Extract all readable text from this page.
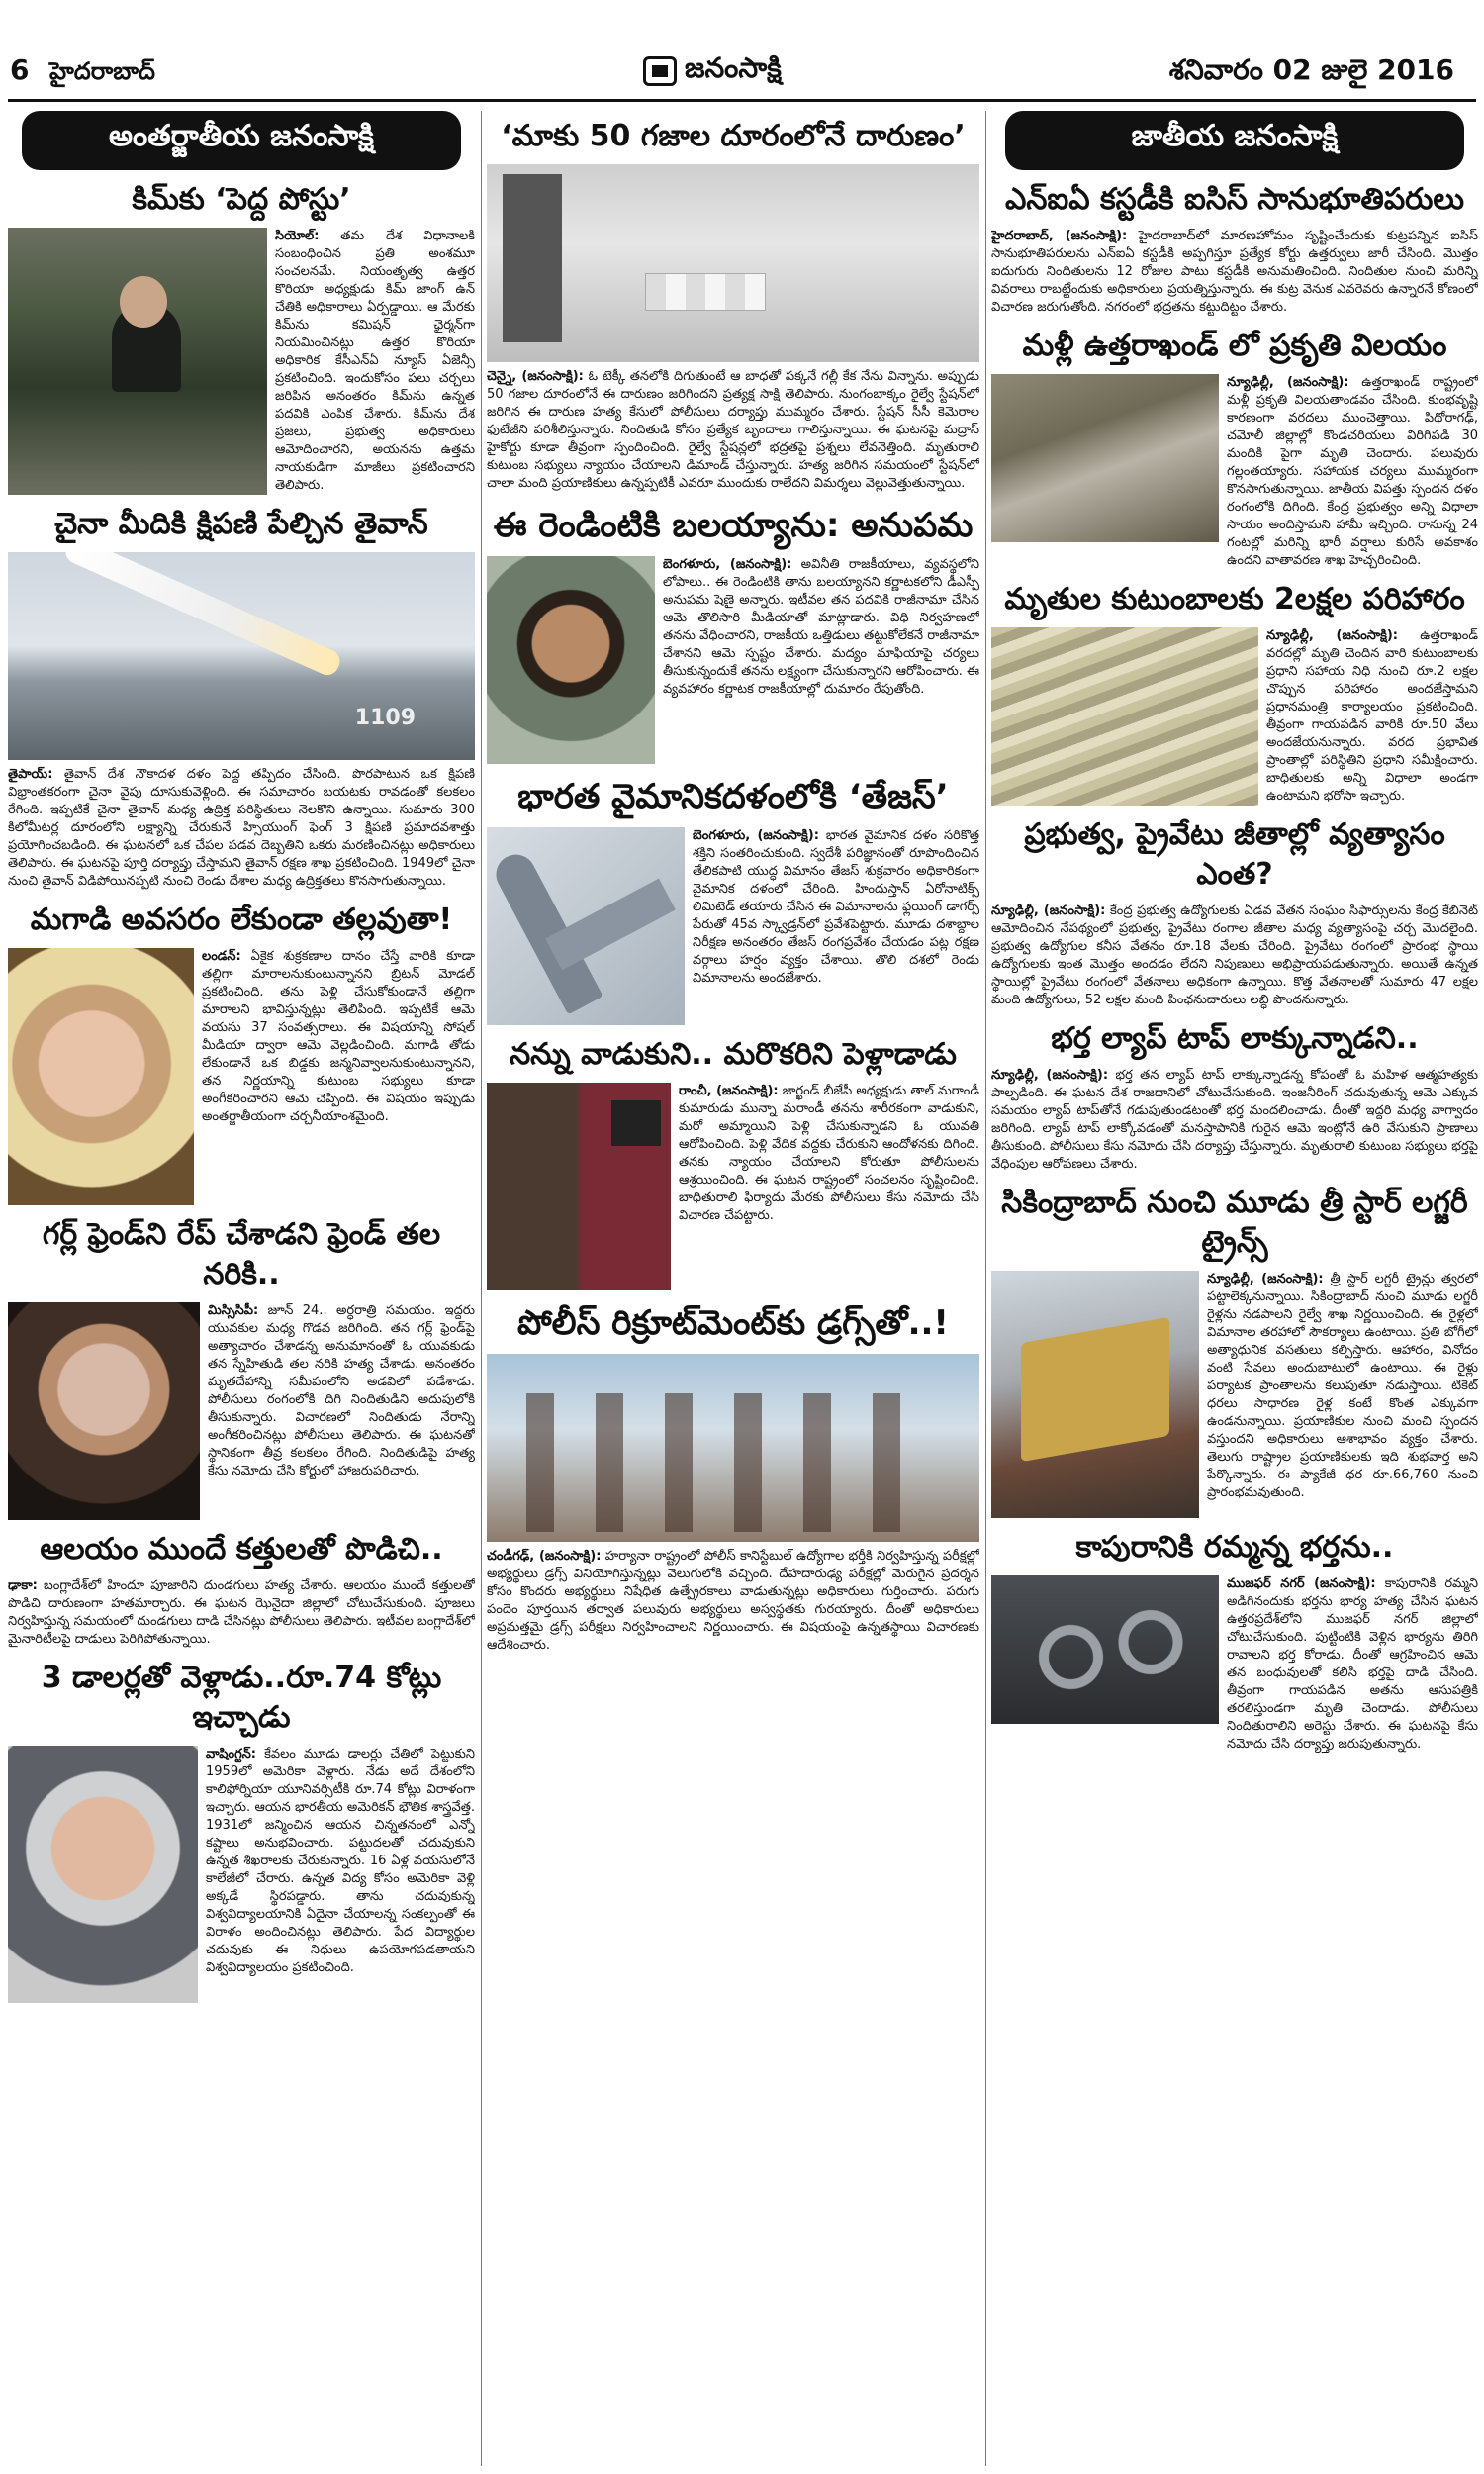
6 హైదరాబాద్	జనంసాక్షి	శనివారం 02 జులై 2016
అంతర్జాతీయ జనంసాక్షి
కిమ్‌కు ‘పెద్ద పోస్టు’

సియోల్: తమ దేశ విధానాలకి సంబంధించిన ప్రతి అంశమూ సంచలనమే. నియంతృత్వ ఉత్తర కొరియా అధ్యక్షుడు కిమ్ జాంగ్ ఉన్ చేతికి అధికారాలు ఏర్పడ్డాయి. ఆ మేరకు కిమ్‌ను కమిషన్ ఛైర్మన్‌గా నియమించినట్లు ఉత్తర కొరియా అధికారిక కేసీఎన్ఏ న్యూస్ ఏజెన్సీ ప్రకటించింది. ఇందుకోసం పలు చర్చలు జరిపిన అనంతరం కిమ్‌ను ఉన్నత పదవికి ఎంపిక చేశారు. కిమ్‌ను దేశ ప్రజలు, ప్రభుత్వ అధికారులు ఆమోదించారని, అయనను ఉత్తమ నాయకుడిగా మాజీలు ప్రకటించారని తెలిపారు.

చైనా మీదికి క్షిపణి పేల్చిన తైవాన్
1109

తైపాయ్: తైవాన్ దేశ నౌకాదళ దళం పెద్ద తప్పిదం చేసింది. పొరపాటున ఒక క్షిపణి విభ్రాంతకరంగా చైనా వైపు దూసుకువెళ్లింది. ఈ సమాచారం బయటకు రావడంతో కలకలం రేగింది. ఇప్పటికే చైనా తైవాన్ మధ్య ఉద్రిక్త పరిస్థితులు నెలకొని ఉన్నాయి. సుమారు 300 కిలోమీటర్ల దూరంలోని లక్ష్యాన్ని చేరుకునే హ్సియుంగ్ ఫెంగ్ 3 క్షిపణి ప్రమాదవశాత్తు ప్రయోగించబడింది. ఈ ఘటనలో ఒక చేపల పడవ దెబ్బతిని ఒకరు మరణించినట్లు అధికారులు తెలిపారు. ఈ ఘటనపై పూర్తి దర్యాప్తు చేస్తామని తైవాన్ రక్షణ శాఖ ప్రకటించింది. 1949లో చైనా నుంచి తైవాన్ విడిపోయినప్పటి నుంచి రెండు దేశాల మధ్య ఉద్రిక్తతలు కొనసాగుతున్నాయి.

మగాడి అవసరం లేకుండా తల్లవుతా!

లండన్: ఏకైక శుక్రకణాల దానం చేస్తే వారికి కూడా తల్లిగా మారాలనుకుంటున్నానని బ్రిటన్ మోడల్ ప్రకటించింది. తను పెళ్లి చేసుకోకుండానే తల్లిగా మారాలని భావిస్తున్నట్లు తెలిపింది. ఇప్పటికే ఆమె వయసు 37 సంవత్సరాలు. ఈ విషయాన్ని సోషల్ మీడియా ద్వారా ఆమె వెల్లడించింది. మగాడి తోడు లేకుండానే ఒక బిడ్డకు జన్మనివ్వాలనుకుంటున్నానని, తన నిర్ణయాన్ని కుటుంబ సభ్యులు కూడా అంగీకరించారని ఆమె చెప్పింది. ఈ విషయం ఇప్పుడు అంతర్జాతీయంగా చర్చనీయాంశమైంది.

గర్ల్ ఫ్రెండ్‌ని రేప్ చేశాడని ఫ్రెండ్ తల నరికి..

మిస్సిసిపీ: జూన్ 24.. అర్ధరాత్రి సమయం. ఇద్దరు యువకుల మధ్య గొడవ జరిగింది. తన గర్ల్ ఫ్రెండ్‌పై అత్యాచారం చేశాడన్న అనుమానంతో ఓ యువకుడు తన స్నేహితుడి తల నరికి హత్య చేశాడు. అనంతరం మృతదేహాన్ని సమీపంలోని అడవిలో పడేశాడు. పోలీసులు రంగంలోకి దిగి నిందితుడిని అదుపులోకి తీసుకున్నారు. విచారణలో నిందితుడు నేరాన్ని అంగీకరించినట్లు పోలీసులు తెలిపారు. ఈ ఘటనతో స్థానికంగా తీవ్ర కలకలం రేగింది. నిందితుడిపై హత్య కేసు నమోదు చేసి కోర్టులో హాజరుపరిచారు.

ఆలయం ముందే కత్తులతో పొడిచి..

ఢాకా: బంగ్లాదేశ్‌లో హిందూ పూజారిని దుండగులు హత్య చేశారు. ఆలయం ముందే కత్తులతో పొడిచి దారుణంగా హతమార్చారు. ఈ ఘటన ఝెనైదా జిల్లాలో చోటుచేసుకుంది. పూజలు నిర్వహిస్తున్న సమయంలో దుండగులు దాడి చేసినట్లు పోలీసులు తెలిపారు. ఇటీవల బంగ్లాదేశ్‌లో మైనారిటీలపై దాడులు పెరిగిపోతున్నాయి.

3 డాలర్లతో వెళ్లాడు..రూ.74 కోట్లు ఇచ్చాడు

వాషింగ్టన్: కేవలం మూడు డాలర్లు చేతిలో పెట్టుకుని 1959లో అమెరికా వెళ్లారు. నేడు అదే దేశంలోని కాలిఫోర్నియా యూనివర్సిటీకి రూ.74 కోట్లు విరాళంగా ఇచ్చారు. ఆయన భారతీయ అమెరికన్ భౌతిక శాస్త్రవేత్త. 1931లో జన్మించిన ఆయన చిన్నతనంలో ఎన్నో కష్టాలు అనుభవించారు. పట్టుదలతో చదువుకుని ఉన్నత శిఖరాలకు చేరుకున్నారు. 16 ఏళ్ల వయసులోనే కాలేజీలో చేరారు. ఉన్నత విద్య కోసం అమెరికా వెళ్లి అక్కడే స్థిరపడ్డారు. తాను చదువుకున్న విశ్వవిద్యాలయానికి ఏదైనా చేయాలన్న సంకల్పంతో ఈ విరాళం అందించినట్లు తెలిపారు. పేద విద్యార్థుల చదువుకు ఈ నిధులు ఉపయోగపడతాయని విశ్వవిద్యాలయం ప్రకటించింది.

‘మాకు 50 గజాల దూరంలోనే దారుణం’

చెన్నై, (జనంసాక్షి): ఓ టెక్కీ తనలోకి దిగుతుంటే ఆ బాధతో పక్కనే గల్లీ కేక నేను విన్నాను. అప్పుడు 50 గజాల దూరంలోనే ఈ దారుణం జరిగిందని ప్రత్యక్ష సాక్షి తెలిపారు. నుంగంబాక్కం రైల్వే స్టేషన్‌లో జరిగిన ఈ దారుణ హత్య కేసులో పోలీసులు దర్యాప్తు ముమ్మరం చేశారు. స్టేషన్ సీసీ కెమెరాల ఫుటేజీని పరిశీలిస్తున్నారు. నిందితుడి కోసం ప్రత్యేక బృందాలు గాలిస్తున్నాయి. ఈ ఘటనపై మద్రాస్ హైకోర్టు కూడా తీవ్రంగా స్పందించింది. రైల్వే స్టేషన్లలో భద్రతపై ప్రశ్నలు లేవనెత్తింది. మృతురాలి కుటుంబ సభ్యులు న్యాయం చేయాలని డిమాండ్ చేస్తున్నారు. హత్య జరిగిన సమయంలో స్టేషన్‌లో చాలా మంది ప్రయాణికులు ఉన్నప్పటికీ ఎవరూ ముందుకు రాలేదని విమర్శలు వెల్లువెత్తుతున్నాయి.

ఈ రెండింటికి బలయ్యాను: అనుపమ

బెంగళూరు, (జనంసాక్షి): అవినీతి రాజకీయాలు, వ్యవస్థలోని లోపాలు.. ఈ రెండింటికి తాను బలయ్యానని కర్ణాటకలోని డీఎస్పీ అనుపమ షెణై అన్నారు. ఇటీవల తన పదవికి రాజీనామా చేసిన ఆమె తొలిసారి మీడియాతో మాట్లాడారు. విధి నిర్వహణలో తనను వేధించారని, రాజకీయ ఒత్తిడులు తట్టుకోలేకనే రాజీనామా చేశానని ఆమె స్పష్టం చేశారు. మద్యం మాఫియాపై చర్యలు తీసుకున్నందుకే తనను లక్ష్యంగా చేసుకున్నారని ఆరోపించారు. ఈ వ్యవహారం కర్ణాటక రాజకీయాల్లో దుమారం రేపుతోంది.

భారత వైమానికదళంలోకి ‘తేజస్’

బెంగళూరు, (జనంసాక్షి): భారత వైమానిక దళం సరికొత్త శక్తిని సంతరించుకుంది. స్వదేశీ పరిజ్ఞానంతో రూపొందించిన తేలికపాటి యుద్ధ విమానం తేజస్ శుక్రవారం అధికారికంగా వైమానిక దళంలో చేరింది. హిందుస్తాన్ ఏరోనాటిక్స్ లిమిటెడ్ తయారు చేసిన ఈ విమానాలను ఫ్లయింగ్ డాగర్స్ పేరుతో 45వ స్క్వాడ్రన్‌లో ప్రవేశపెట్టారు. మూడు దశాబ్దాల నిరీక్షణ అనంతరం తేజస్ రంగప్రవేశం చేయడం పట్ల రక్షణ వర్గాలు హర్షం వ్యక్తం చేశాయి. తొలి దశలో రెండు విమానాలను అందజేశారు.

నన్ను వాడుకుని.. మరొకరిని పెళ్లాడాడు

రాంచీ, (జనంసాక్షి): జార్ఖండ్ బీజేపీ అధ్యక్షుడు తాల్ మరాండీ కుమారుడు మున్నా మరాండీ తనను శారీరకంగా వాడుకుని, మరో అమ్మాయిని పెళ్లి చేసుకున్నాడని ఓ యువతి ఆరోపించింది. పెళ్లి వేదిక వద్దకు చేరుకుని ఆందోళనకు దిగింది. తనకు న్యాయం చేయాలని కోరుతూ పోలీసులను ఆశ్రయించింది. ఈ ఘటన రాష్ట్రంలో సంచలనం సృష్టించింది. బాధితురాలి ఫిర్యాదు మేరకు పోలీసులు కేసు నమోదు చేసి విచారణ చేపట్టారు.

పోలీస్ రిక్రూట్‌మెంట్‌కు డ్రగ్స్‌తో..!

చండీగఢ్, (జనంసాక్షి): హర్యానా రాష్ట్రంలో పోలీస్ కానిస్టేబుల్ ఉద్యోగాల భర్తీకి నిర్వహిస్తున్న పరీక్షల్లో అభ్యర్థులు డ్రగ్స్ వినియోగిస్తున్నట్లు వెలుగులోకి వచ్చింది. దేహదారుఢ్య పరీక్షల్లో మెరుగైన ప్రదర్శన కోసం కొందరు అభ్యర్థులు నిషేధిత ఉత్ప్రేరకాలు వాడుతున్నట్లు అధికారులు గుర్తించారు. పరుగు పందెం పూర్తయిన తర్వాత పలువురు అభ్యర్థులు అస్వస్థతకు గురయ్యారు. దీంతో అధికారులు అప్రమత్తమై డ్రగ్స్ పరీక్షలు నిర్వహించాలని నిర్ణయించారు. ఈ విషయంపై ఉన్నతస్థాయి విచారణకు ఆదేశించారు.

జాతీయ జనంసాక్షి
ఎన్ఐఏ కస్టడీకి ఐసిస్ సానుభూతిపరులు

హైదరాబాద్, (జనంసాక్షి): హైదరాబాద్‌లో మారణహోమం సృష్టించేందుకు కుట్రపన్నిన ఐసిస్ సానుభూతిపరులను ఎన్ఐఏ కస్టడీకి అప్పగిస్తూ ప్రత్యేక కోర్టు ఉత్తర్వులు జారీ చేసింది. మొత్తం ఐదుగురు నిందితులను 12 రోజుల పాటు కస్టడీకి అనుమతించింది. నిందితుల నుంచి మరిన్ని వివరాలు రాబట్టేందుకు అధికారులు ప్రయత్నిస్తున్నారు. ఈ కుట్ర వెనుక ఎవరెవరు ఉన్నారనే కోణంలో విచారణ జరుగుతోంది. నగరంలో భద్రతను కట్టుదిట్టం చేశారు.

మళ్లీ ఉత్తరాఖండ్ లో ప్రకృతి విలయం

న్యూఢిల్లీ, (జనంసాక్షి): ఉత్తరాఖండ్ రాష్ట్రంలో మళ్లీ ప్రకృతి విలయతాండవం చేసింది. కుంభవృష్టి కారణంగా వరదలు ముంచెత్తాయి. పిథోరాగఢ్, చమోలీ జిల్లాల్లో కొండచరియలు విరిగిపడి 30 మందికి పైగా మృతి చెందారు. పలువురు గల్లంతయ్యారు. సహాయక చర్యలు ముమ్మరంగా కొనసాగుతున్నాయి. జాతీయ విపత్తు స్పందన దళం రంగంలోకి దిగింది. కేంద్ర ప్రభుత్వం అన్ని విధాలా సాయం అందిస్తామని హామీ ఇచ్చింది. రానున్న 24 గంటల్లో మరిన్ని భారీ వర్షాలు కురిసే అవకాశం ఉందని వాతావరణ శాఖ హెచ్చరించింది.

మృతుల కుటుంబాలకు 2లక్షల పరిహారం

న్యూఢిల్లీ, (జనంసాక్షి): ఉత్తరాఖండ్ వరదల్లో మృతి చెందిన వారి కుటుంబాలకు ప్రధాని సహాయ నిధి నుంచి రూ.2 లక్షల చొప్పున పరిహారం అందజేస్తామని ప్రధానమంత్రి కార్యాలయం ప్రకటించింది. తీవ్రంగా గాయపడిన వారికి రూ.50 వేలు అందజేయనున్నారు. వరద ప్రభావిత ప్రాంతాల్లో పరిస్థితిని ప్రధాని సమీక్షించారు. బాధితులకు అన్ని విధాలా అండగా ఉంటామని భరోసా ఇచ్చారు.

ప్రభుత్వ, ప్రైవేటు జీతాల్లో వ్యత్యాసం ఎంత?

న్యూఢిల్లీ, (జనంసాక్షి): కేంద్ర ప్రభుత్వ ఉద్యోగులకు ఏడవ వేతన సంఘం సిఫార్సులను కేంద్ర కేబినెట్ ఆమోదించిన నేపథ్యంలో ప్రభుత్వ, ప్రైవేటు రంగాల జీతాల మధ్య వ్యత్యాసంపై చర్చ మొదలైంది. ప్రభుత్వ ఉద్యోగుల కనీస వేతనం రూ.18 వేలకు చేరింది. ప్రైవేటు రంగంలో ప్రారంభ స్థాయి ఉద్యోగులకు ఇంత మొత్తం అందడం లేదని నిపుణులు అభిప్రాయపడుతున్నారు. అయితే ఉన్నత స్థాయిల్లో ప్రైవేటు రంగంలో వేతనాలు అధికంగా ఉన్నాయి. కొత్త వేతనాలతో సుమారు 47 లక్షల మంది ఉద్యోగులు, 52 లక్షల మంది పింఛనుదారులు లబ్ధి పొందనున్నారు.

భర్త ల్యాప్ టాప్ లాక్కున్నాడని..

న్యూఢిల్లీ, (జనంసాక్షి): భర్త తన ల్యాప్ టాప్ లాక్కున్నాడన్న కోపంతో ఓ మహిళ ఆత్మహత్యకు పాల్పడింది. ఈ ఘటన దేశ రాజధానిలో చోటుచేసుకుంది. ఇంజనీరింగ్ చదువుతున్న ఆమె ఎక్కువ సమయం ల్యాప్ టాప్‌తోనే గడుపుతుండటంతో భర్త మందలించాడు. దీంతో ఇద్దరి మధ్య వాగ్వాదం జరిగింది. ల్యాప్ టాప్ లాక్కోవడంతో మనస్తాపానికి గురైన ఆమె ఇంట్లోనే ఉరి వేసుకుని ప్రాణాలు తీసుకుంది. పోలీసులు కేసు నమోదు చేసి దర్యాప్తు చేస్తున్నారు. మృతురాలి కుటుంబ సభ్యులు భర్తపై వేధింపుల ఆరోపణలు చేశారు.

సికింద్రాబాద్ నుంచి మూడు త్రీ స్టార్ లగ్జరీ ట్రైన్స్

న్యూఢిల్లీ, (జనంసాక్షి): త్రీ స్టార్ లగ్జరీ ట్రైన్లు త్వరలో పట్టాలెక్కనున్నాయి. సికింద్రాబాద్ నుంచి మూడు లగ్జరీ రైళ్లను నడపాలని రైల్వే శాఖ నిర్ణయించింది. ఈ రైళ్లలో విమానాల తరహాలో సౌకర్యాలు ఉంటాయి. ప్రతి బోగీలో అత్యాధునిక వసతులు కల్పిస్తారు. ఆహారం, వినోదం వంటి సేవలు అందుబాటులో ఉంటాయి. ఈ రైళ్లు పర్యాటక ప్రాంతాలను కలుపుతూ నడుస్తాయి. టికెట్ ధరలు సాధారణ రైళ్ల కంటే కొంత ఎక్కువగా ఉండనున్నాయి. ప్రయాణికుల నుంచి మంచి స్పందన వస్తుందని అధికారులు ఆశాభావం వ్యక్తం చేశారు. తెలుగు రాష్ట్రాల ప్రయాణికులకు ఇది శుభవార్త అని పేర్కొన్నారు. ఈ ప్యాకేజీ ధర రూ.66,760 నుంచి ప్రారంభమవుతుంది.

కాపురానికి రమ్మన్న భర్తను..

ముజఫర్ నగర్ (జనంసాక్షి): కాపురానికి రమ్మని అడిగినందుకు భర్తను భార్య హత్య చేసిన ఘటన ఉత్తరప్రదేశ్‌లోని ముజఫర్ నగర్ జిల్లాలో చోటుచేసుకుంది. పుట్టింటికి వెళ్లిన భార్యను తిరిగి రావాలని భర్త కోరాడు. దీంతో ఆగ్రహించిన ఆమె తన బంధువులతో కలిసి భర్తపై దాడి చేసింది. తీవ్రంగా గాయపడిన అతను ఆసుపత్రికి తరలిస్తుండగా మృతి చెందాడు. పోలీసులు నిందితురాలిని అరెస్టు చేశారు. ఈ ఘటనపై కేసు నమోదు చేసి దర్యాప్తు జరుపుతున్నారు.
